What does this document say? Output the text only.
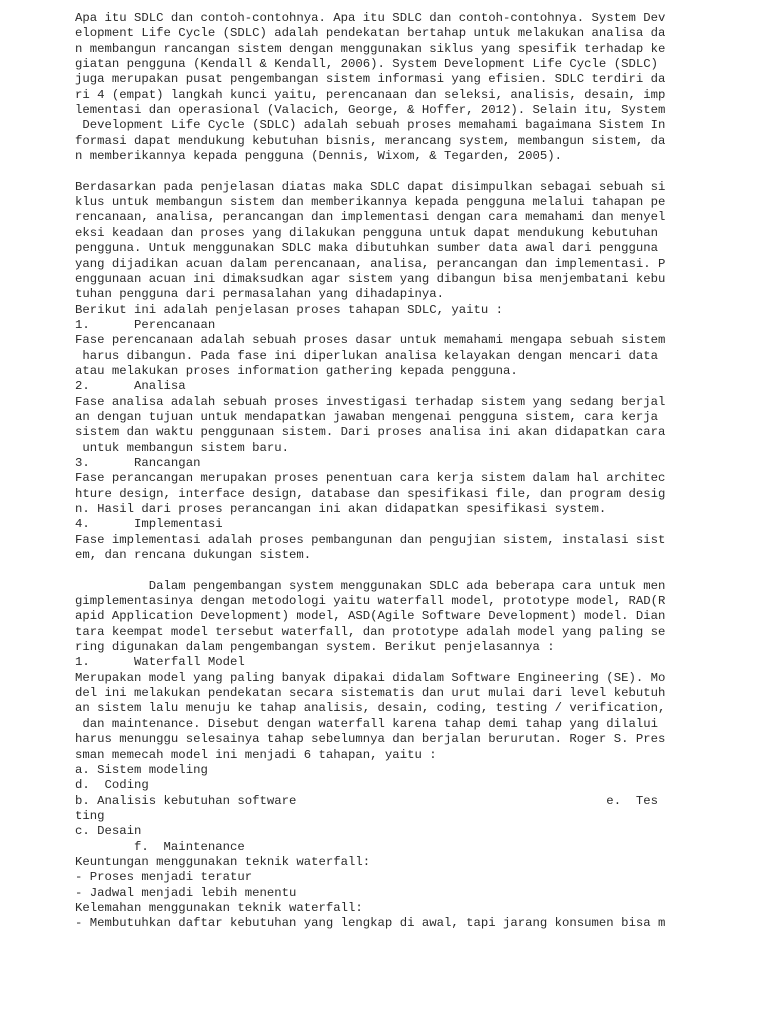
Apa itu SDLC dan contoh-contohnya. Apa itu SDLC dan contoh-contohnya. System Dev
elopment Life Cycle (SDLC) adalah pendekatan bertahap untuk melakukan analisa da
n membangun rancangan sistem dengan menggunakan siklus yang spesifik terhadap ke
giatan pengguna (Kendall & Kendall, 2006). System Development Life Cycle (SDLC)
juga merupakan pusat pengembangan sistem informasi yang efisien. SDLC terdiri da
ri 4 (empat) langkah kunci yaitu, perencanaan dan seleksi, analisis, desain, imp
lementasi dan operasional (Valacich, George, & Hoffer, 2012). Selain itu, System
Development Life Cycle (SDLC) adalah sebuah proses memahami bagaimana Sistem In
formasi dapat mendukung kebutuhan bisnis, merancang system, membangun sistem, da
n memberikannya kepada pengguna (Dennis, Wixom, & Tegarden, 2005).
Berdasarkan pada penjelasan diatas maka SDLC dapat disimpulkan sebagai sebuah si
klus untuk membangun sistem dan memberikannya kepada pengguna melalui tahapan pe
rencanaan, analisa, perancangan dan implementasi dengan cara memahami dan menyel
eksi keadaan dan proses yang dilakukan pengguna untuk dapat mendukung kebutuhan
pengguna. Untuk menggunakan SDLC maka dibutuhkan sumber data awal dari pengguna
yang dijadikan acuan dalam perencanaan, analisa, perancangan dan implementasi. P
enggunaan acuan ini dimaksudkan agar sistem yang dibangun bisa menjembatani kebu
tuhan pengguna dari permasalahan yang dihadapinya.
Berikut ini adalah penjelasan proses tahapan SDLC, yaitu :
1.      Perencanaan
Fase perencanaan adalah sebuah proses dasar untuk memahami mengapa sebuah sistem
harus dibangun. Pada fase ini diperlukan analisa kelayakan dengan mencari data
atau melakukan proses information gathering kepada pengguna.
2.      Analisa
Fase analisa adalah sebuah proses investigasi terhadap sistem yang sedang berjal
an dengan tujuan untuk mendapatkan jawaban mengenai pengguna sistem, cara kerja
sistem dan waktu penggunaan sistem. Dari proses analisa ini akan didapatkan cara
untuk membangun sistem baru.
3.      Rancangan
Fase perancangan merupakan proses penentuan cara kerja sistem dalam hal architec
hture design, interface design, database dan spesifikasi file, dan program desig
n. Hasil dari proses perancangan ini akan didapatkan spesifikasi system.
4.      Implementasi
Fase implementasi adalah proses pembangunan dan pengujian sistem, instalasi sist
em, dan rencana dukungan sistem.
Dalam pengembangan system menggunakan SDLC ada beberapa cara untuk men
gimplementasinya dengan metodologi yaitu waterfall model, prototype model, RAD(R
apid Application Development) model, ASD(Agile Software Development) model. Dian
tara keempat model tersebut waterfall, dan prototype adalah model yang paling se
ring digunakan dalam pengembangan system. Berikut penjelasannya :
1.      Waterfall Model
Merupakan model yang paling banyak dipakai didalam Software Engineering (SE). Mo
del ini melakukan pendekatan secara sistematis dan urut mulai dari level kebutuh
an sistem lalu menuju ke tahap analisis, desain, coding, testing / verification,
dan maintenance. Disebut dengan waterfall karena tahap demi tahap yang dilalui
harus menunggu selesainya tahap sebelumnya dan berjalan berurutan. Roger S. Pres
sman memecah model ini menjadi 6 tahapan, yaitu :
a. Sistem modeling
d.  Coding
b. Analisis kebutuhan software                                          e.  Tes
ting
c. Desain
f.  Maintenance
Keuntungan menggunakan teknik waterfall:
- Proses menjadi teratur
- Jadwal menjadi lebih menentu
Kelemahan menggunakan teknik waterfall:
- Membutuhkan daftar kebutuhan yang lengkap di awal, tapi jarang konsumen bisa m
